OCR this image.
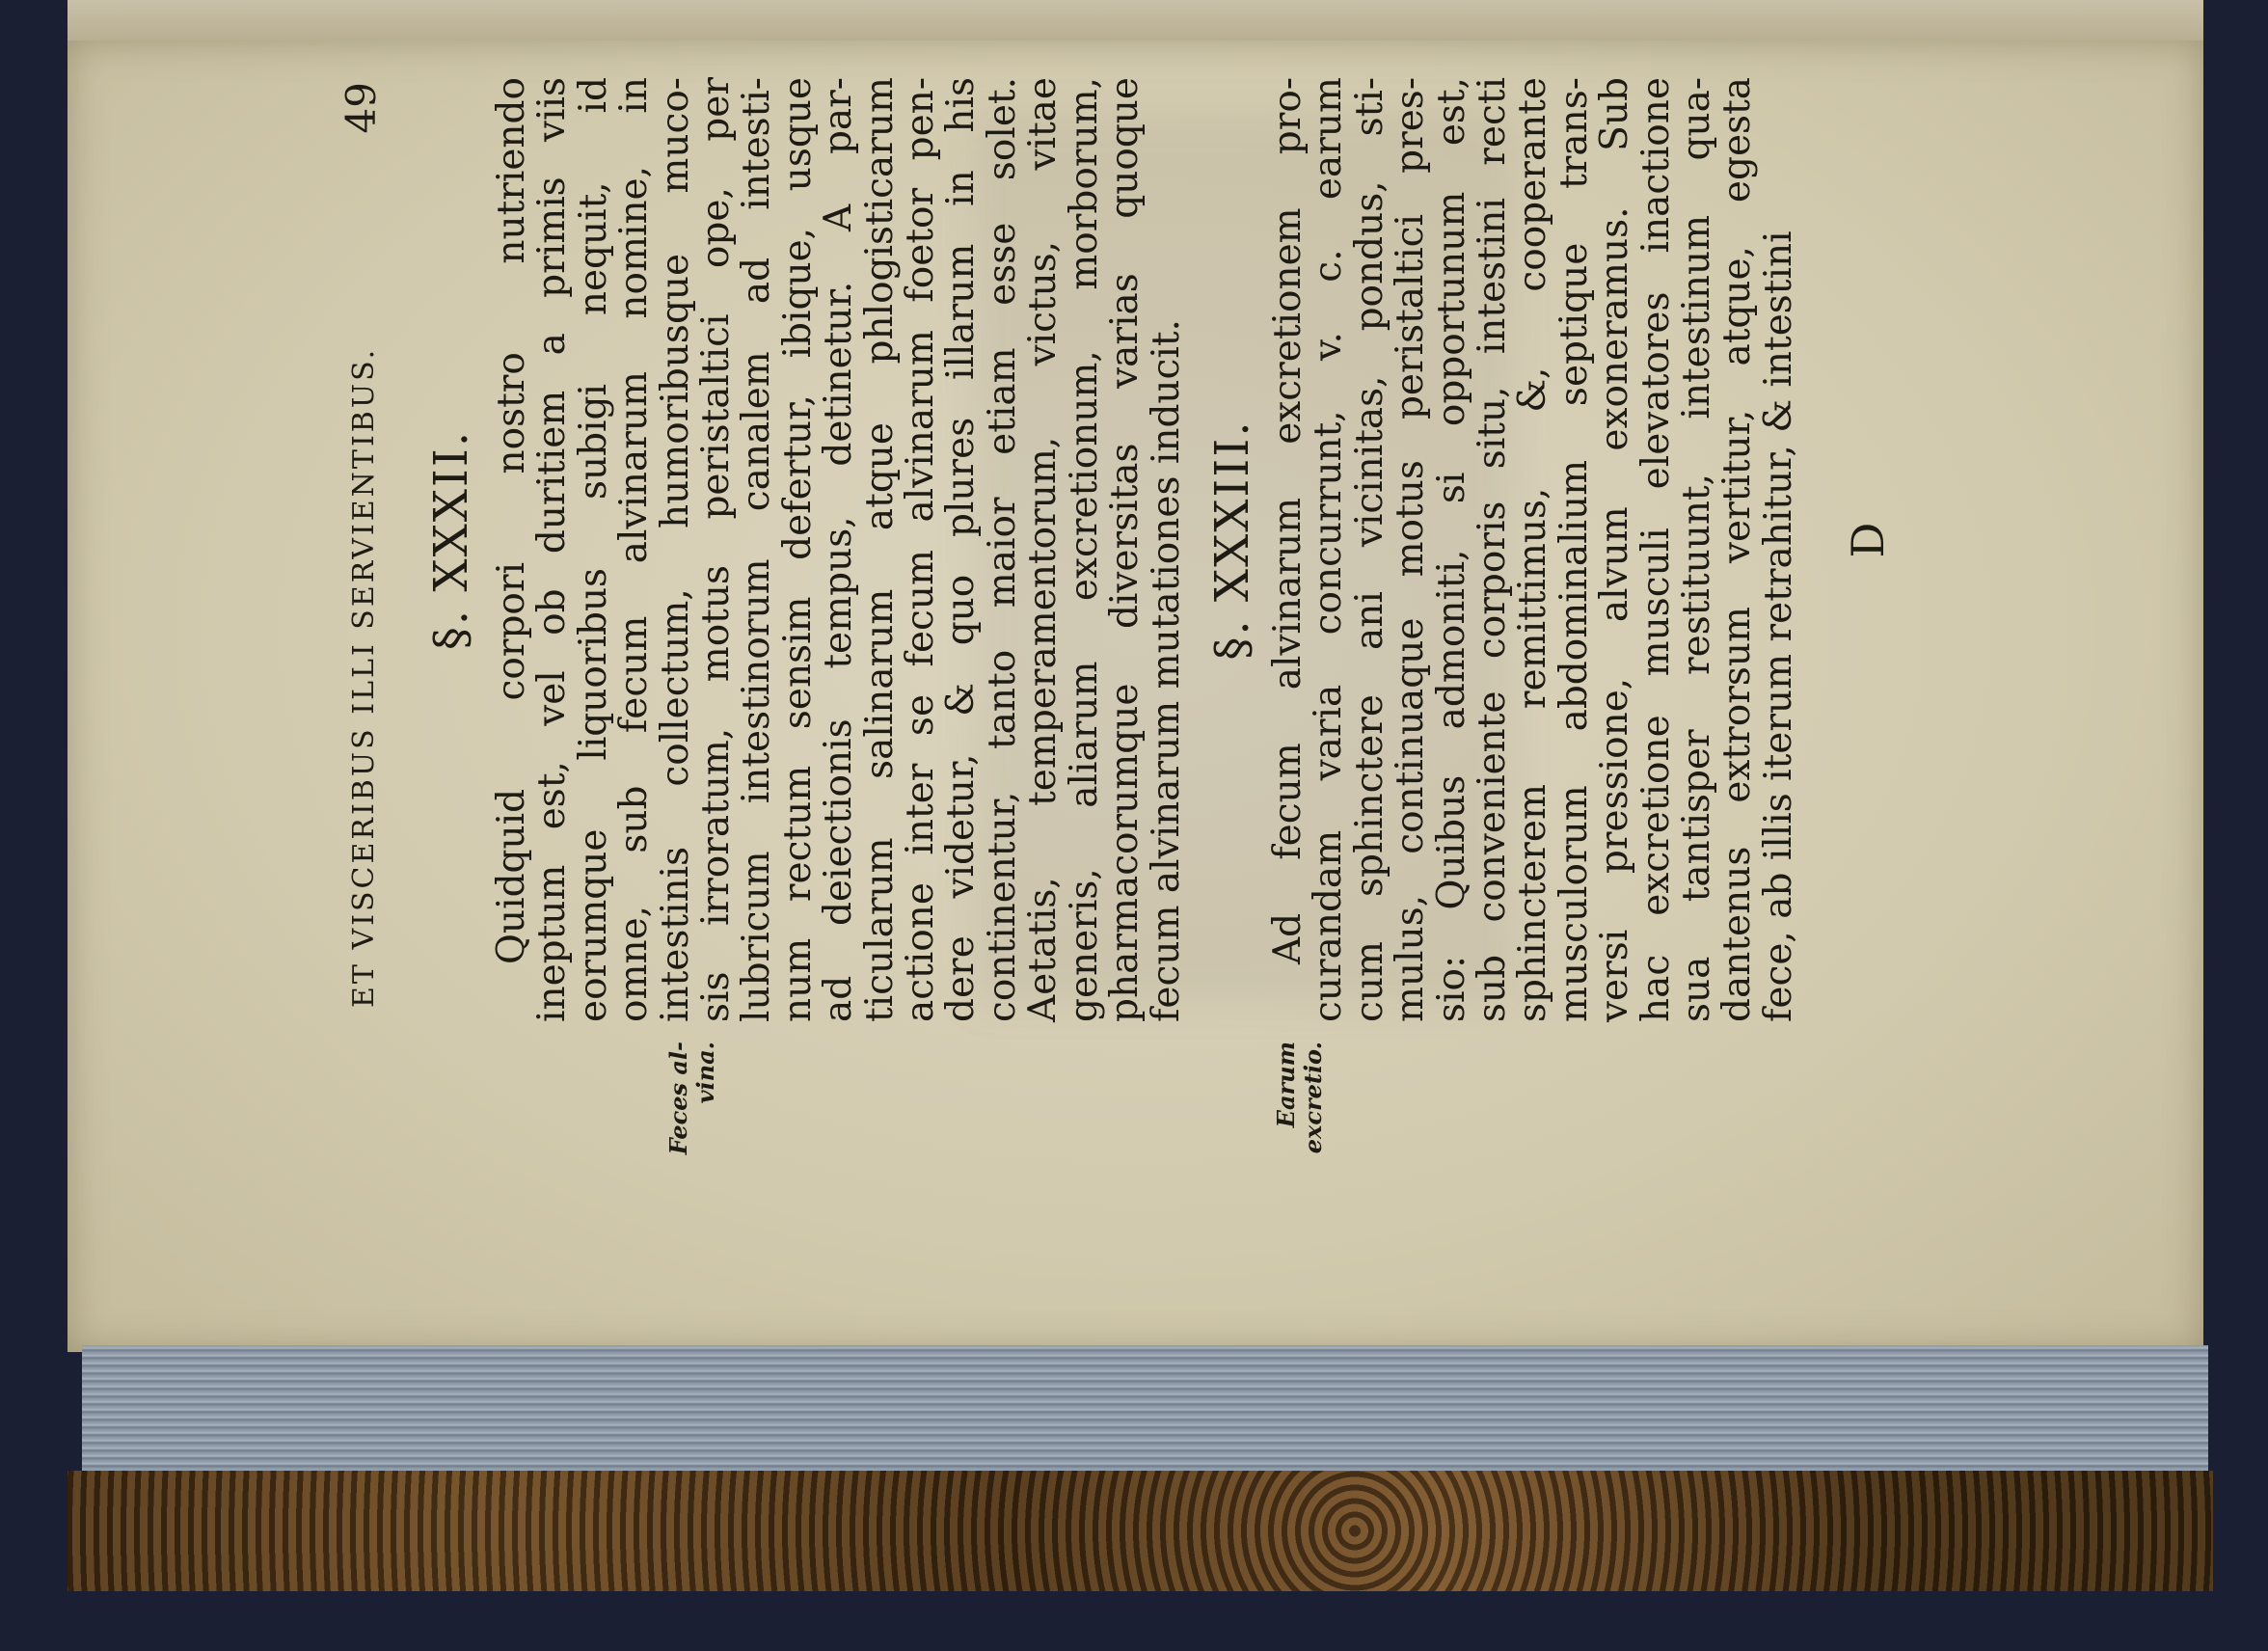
ET VISCERIBUS ILLI SERVIENTIBUS.
49
§. XXXII. Quidquid corpori nostro nutriendo
ineptum est, vel ob duritiem a primis viis
eorumque liquoribus subigi nequit, id
omne, sub fecum alvinarum nomine, in
intestinis collectum, humoribusque muco-
sis irroratum, motus peristaltici ope, per
lubricum intestinorum canalem ad intesti-
num rectum sensim defertur, ibique, usque
ad deiectionis tempus, detinetur. A par-
ticularum salinarum atque phlogisticarum
actione inter se fecum alvinarum foetor pen-
dere videtur, & quo plures illarum in his
continentur, tanto maior etiam esse solet.
Aetatis, temperamentorum, victus, vitae
generis, aliarum excretionum, morborum,
pharmacorumque diversitas varias quoque
fecum alvinarum mutationes inducit.
Feces al-
vina.
§. XXXIII. Ad fecum alvinarum excretionem pro-
curandam varia concurrunt, v. c. earum
cum sphinctere ani vicinitas, pondus, sti-
mulus, continuaque motus peristaltici pres-
sio: Quibus admoniti, si opportunum est,
sub conveniente corporis situ, intestini recti
sphincterem remittimus, &, cooperante
musculorum abdominalium septique trans-
versi pressione, alvum exoneramus. Sub
hac excretione musculi elevatores inactione
sua tantisper restituunt, intestinum qua-
dantenus extrorsum vertitur, atque, egesta
fece, ab illis iterum retrahitur, & intestini
Earum
excretio.
D
